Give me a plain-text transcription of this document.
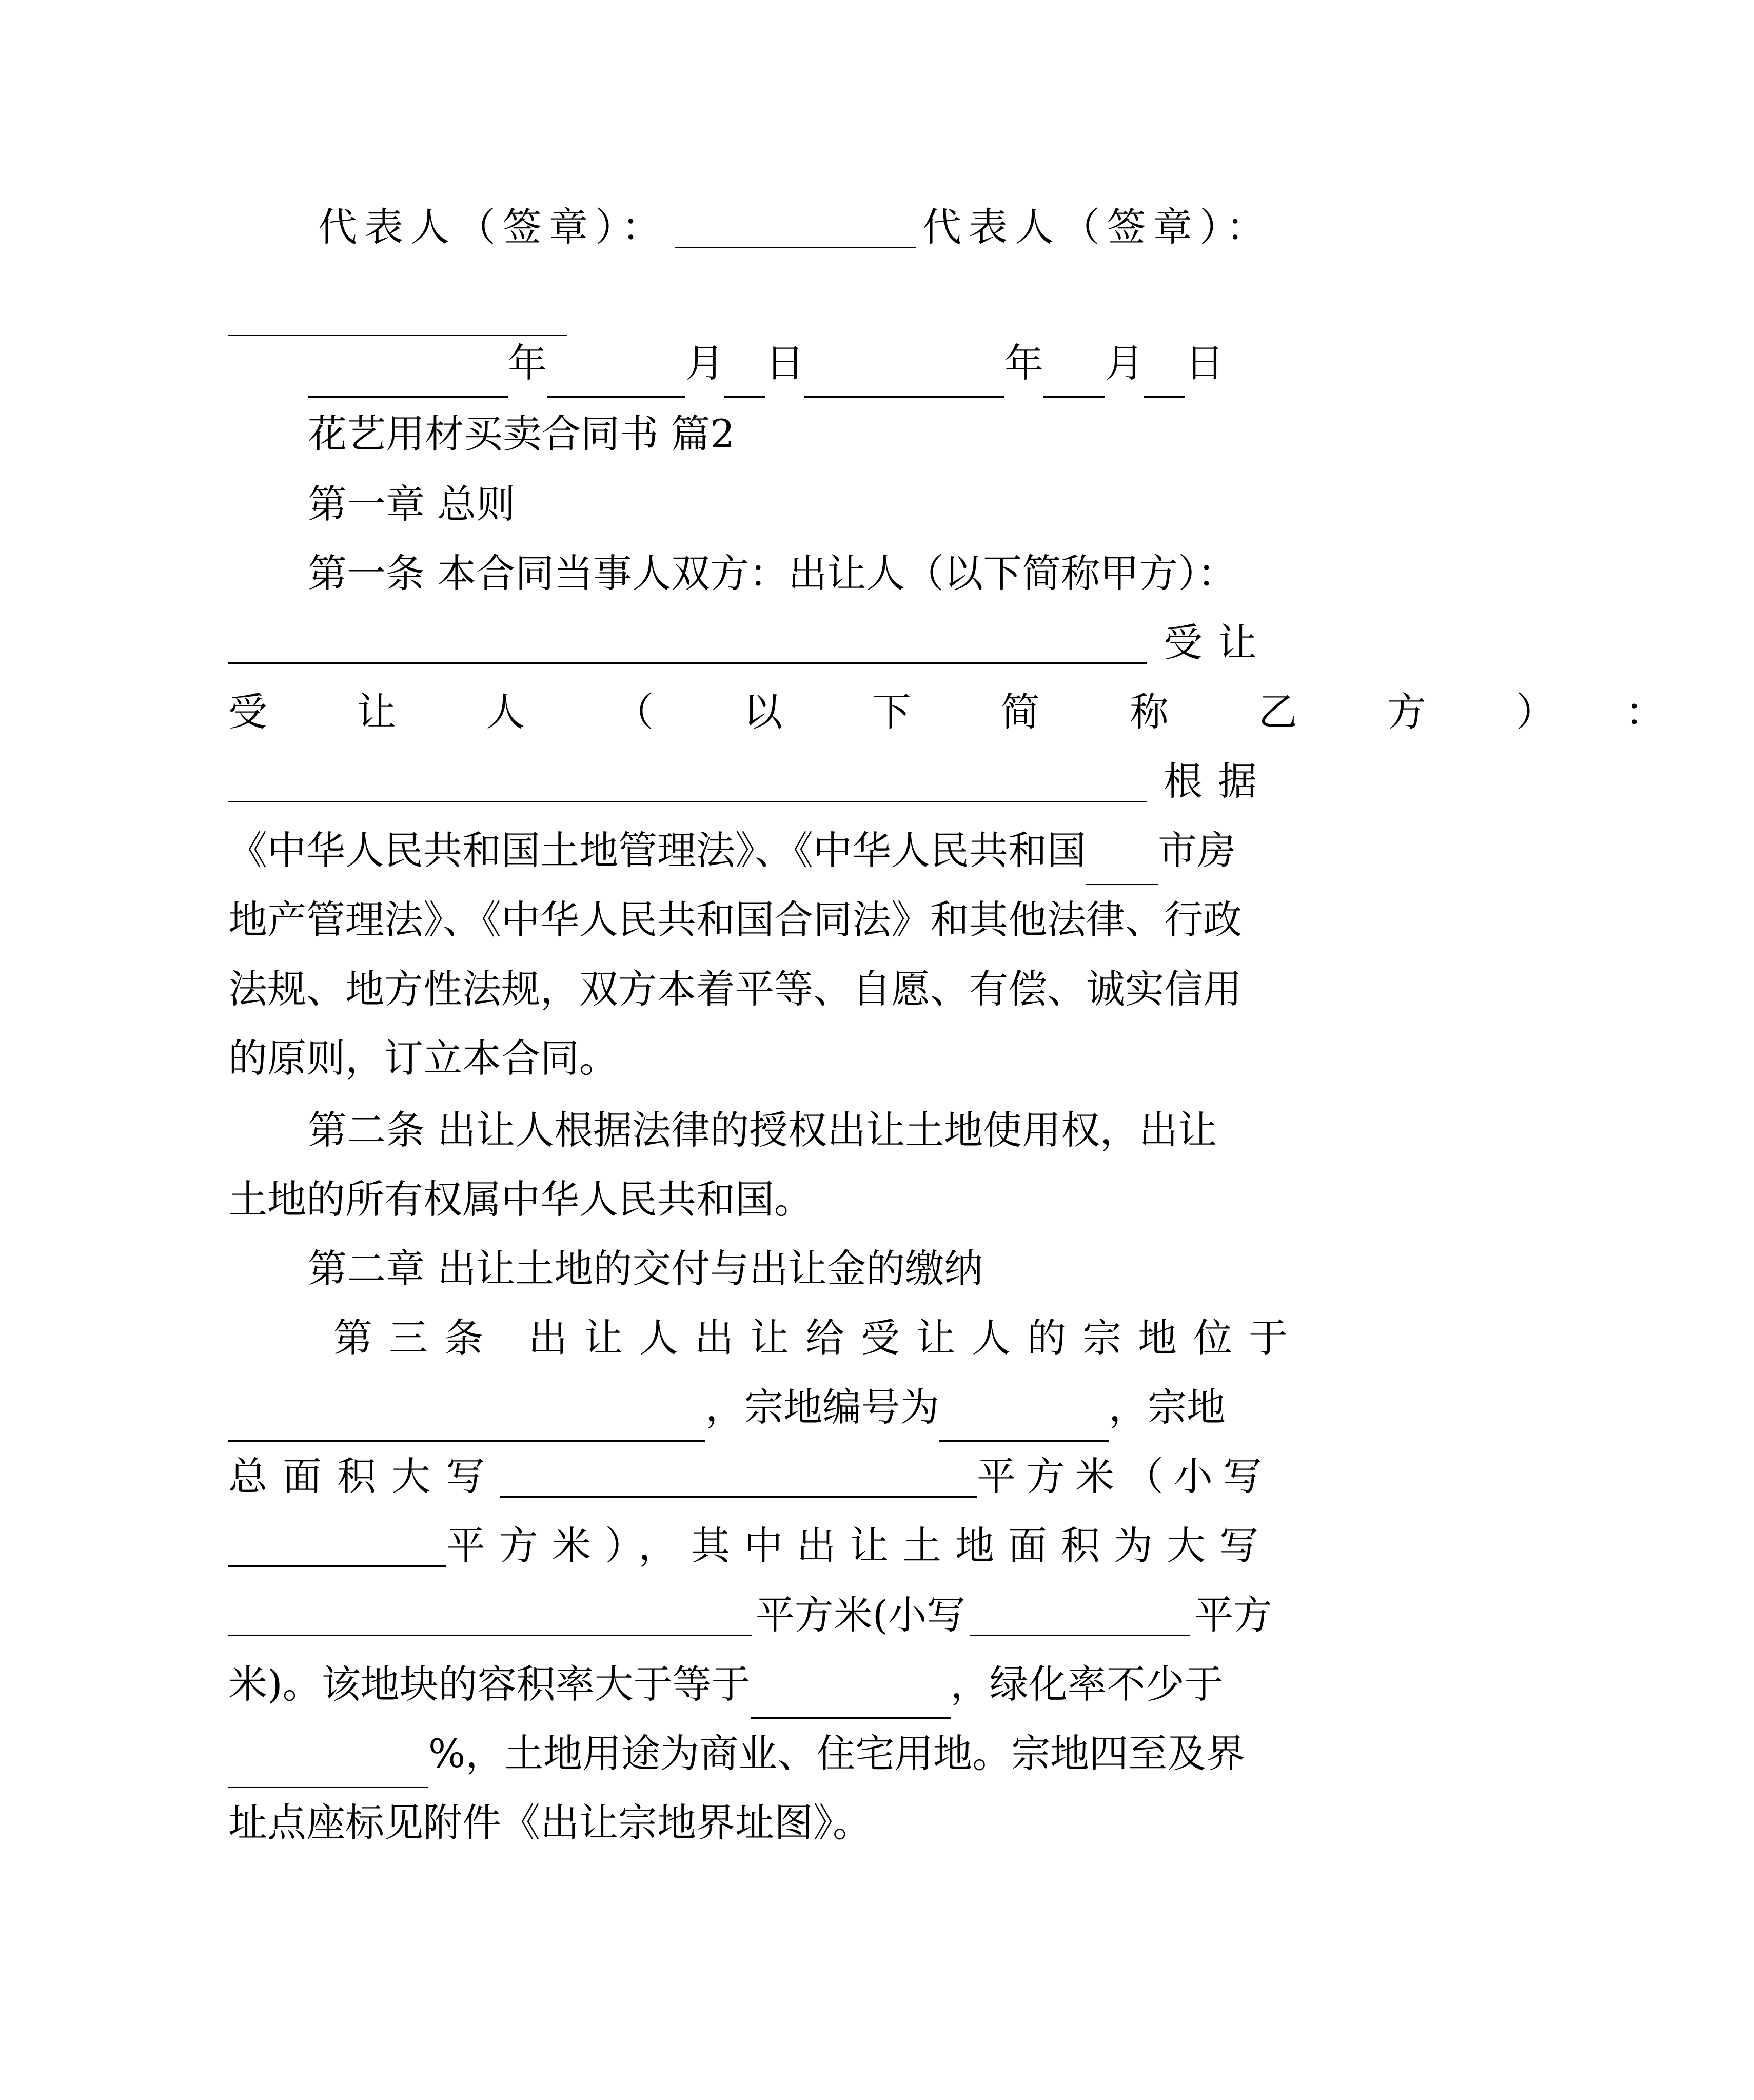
代表人（签章）：	代表人（签章）：
年	月 日	年 月 日
花艺用材买卖合同书 篇2
第一章 总则
第一条 本合同当事人双方：出让人（以下简称甲方）：
受让
受让人（以下简称乙方）：
根据
《中华人民共和国土地管理法》、《中华人民共和国 市房
地产管理法》、《中华人民共和国合同法》和其他法律、行政
法规、地方性法规，双方本着平等、自愿、有偿、诚实信用
的原则，订立本合同。
第二条 出让人根据法律的授权出让土地使用权，出让
土地的所有权属中华人民共和国。
第二章 出让土地的交付与出让金的缴纳
第三条 出让人出让给受让人的宗地位于
，宗地编号为	，宗地
总面积大写	平方米（小写
平方米），其中出让土地面积为大写
平方米(小写	平方
米)。该地块的容积率大于等于	，绿化率不少于
%，土地用途为商业、住宅用地。宗地四至及界
址点座标见附件《出让宗地界址图》。
